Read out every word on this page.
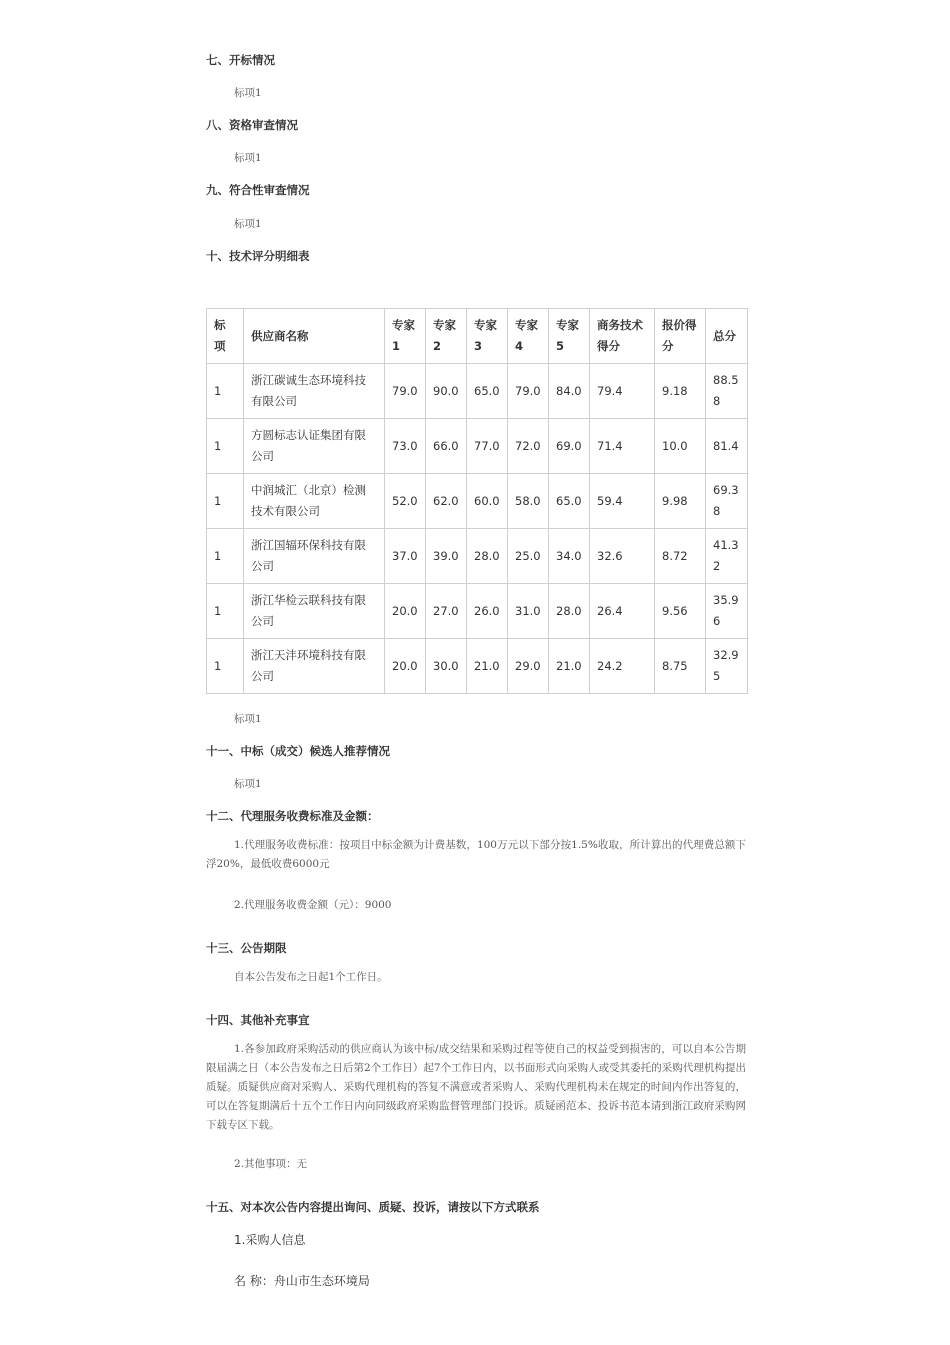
七、开标情况
标项1
八、资格审查情况
标项1
九、符合性审查情况
标项1
十、技术评分明细表
标项	供应商名称	专家1	专家2	专家3	专家4	专家5	商务技术得分	报价得分	总分
1	浙江碳诚生态环境科技有限公司	79.0	90.0	65.0	79.0	84.0	79.4	9.18	88.58
1	方圆标志认证集团有限公司	73.0	66.0	77.0	72.0	69.0	71.4	10.0	81.4
1	中润城汇（北京）检测技术有限公司	52.0	62.0	60.0	58.0	65.0	59.4	9.98	69.38
1	浙江国辐环保科技有限公司	37.0	39.0	28.0	25.0	34.0	32.6	8.72	41.32
1	浙江华检云联科技有限公司	20.0	27.0	26.0	31.0	28.0	26.4	9.56	35.96
1	浙江天沣环境科技有限公司	20.0	30.0	21.0	29.0	21.0	24.2	8.75	32.95
标项1
十一、中标（成交）候选人推荐情况
标项1
十二、代理服务收费标准及金额：
1.代理服务收费标准：按项目中标金额为计费基数，100万元以下部分按1.5%收取，所计算出的代理费总额下浮20%，最低收费6000元
2.代理服务收费金额（元）：9000
十三、公告期限
自本公告发布之日起1个工作日。
十四、其他补充事宜
1.各参加政府采购活动的供应商认为该中标/成交结果和采购过程等使自己的权益受到损害的，可以自本公告期限届满之日（本公告发布之日后第2个工作日）起7个工作日内，以书面形式向采购人或受其委托的采购代理机构提出质疑。质疑供应商对采购人、采购代理机构的答复不满意或者采购人、采购代理机构未在规定的时间内作出答复的，可以在答复期满后十五个工作日内向同级政府采购监督管理部门投诉。质疑函范本、投诉书范本请到浙江政府采购网下载专区下载。
2.其他事项：无
十五、对本次公告内容提出询问、质疑、投诉，请按以下方式联系
1.采购人信息
名 称：舟山市生态环境局
